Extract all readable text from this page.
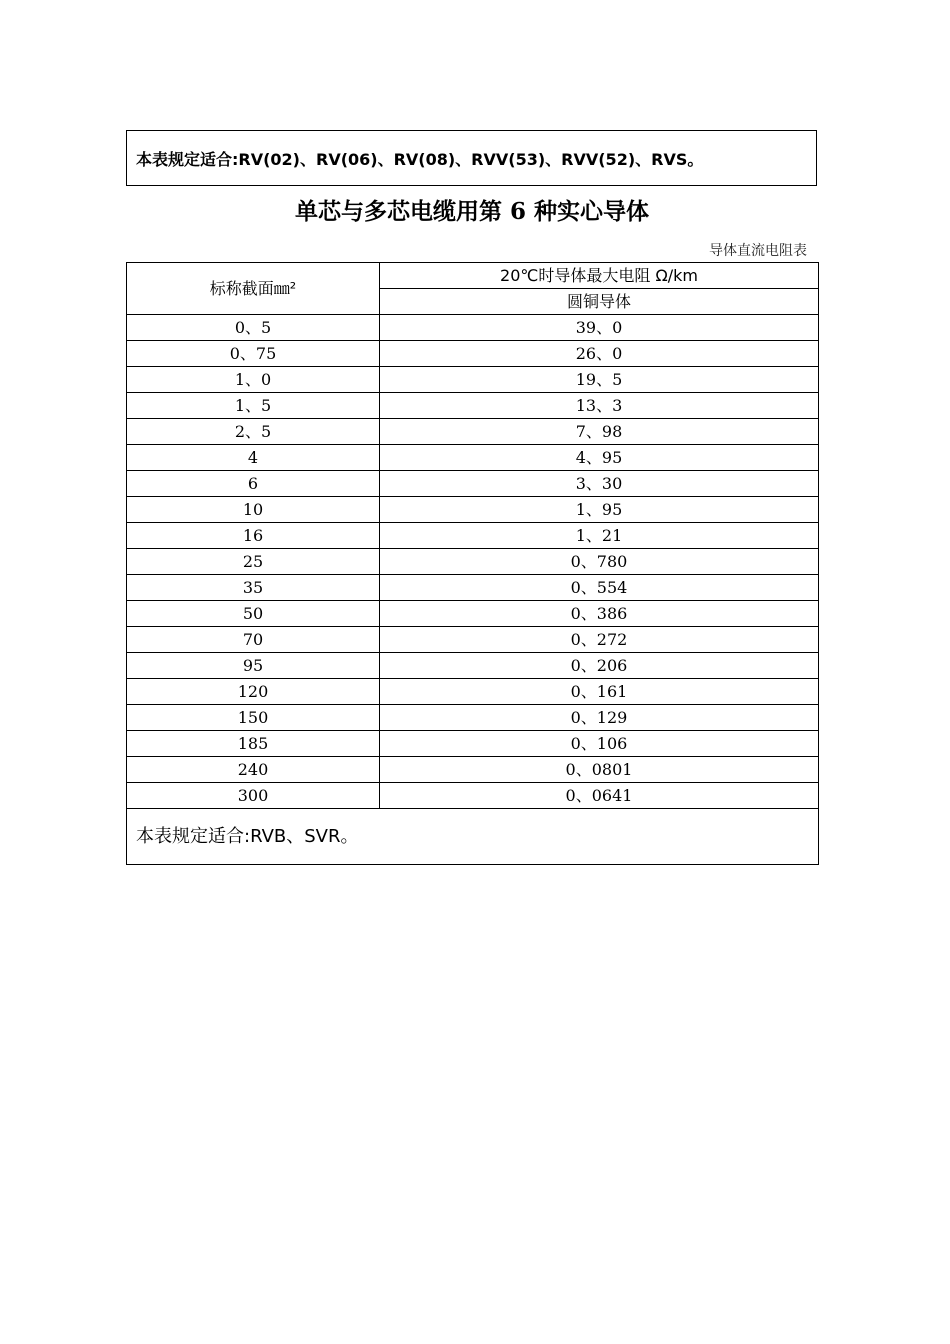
本表规定适合:RV(02)、RV(06)、RV(08)、RVV(53)、RVV(52)、RVS。
单芯与多芯电缆用第 6 种实心导体
导体直流电阻表
标称截面㎜²	20℃时导体最大电阻 Ω/km
	圆铜导体
0、5	39、0
0、75	26、0
1、0	19、5
1、5	13、3
2、5	7、98
4	4、95
6	3、30
10	1、95
16	1、21
25	0、780
35	0、554
50	0、386
70	0、272
95	0、206
120	0、161
150	0、129
185	0、106
240	0、0801
300	0、0641
本表规定适合:RVB、SVR。	
